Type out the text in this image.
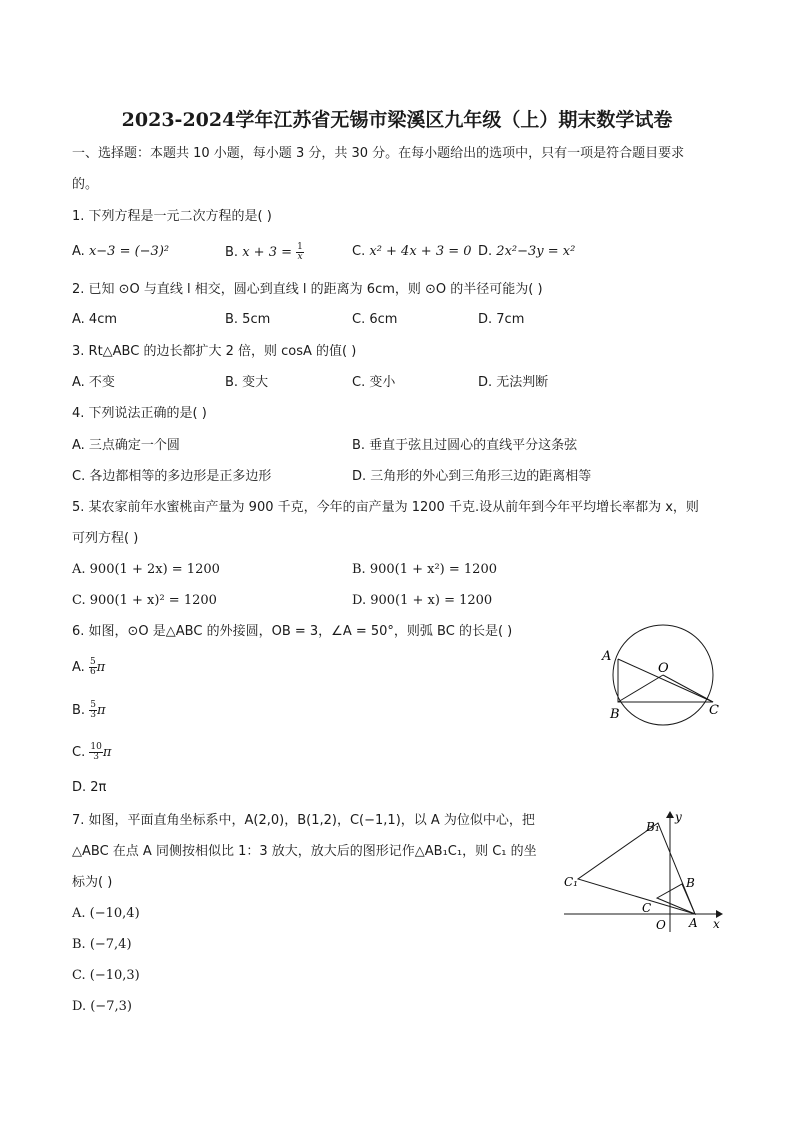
2023-2024学年江苏省无锡市梁溪区九年级（上）期末数学试卷
一、选择题：本题共 10 小题，每小题 3 分，共 30 分。在每小题给出的选项中，只有一项是符合题目要求
的。
1. 下列方程是一元二次方程的是( )
A. x−3 = (−3)²	B. $x + 3 = \frac{1}{x}$	C. x² + 4x + 3 = 0 D. 2x²−3y = x²
2. 已知 ⊙O 与直线 l 相交，圆心到直线 l 的距离为 6cm，则 ⊙O 的半径可能为( )
A. 4cm	B. 5cm	C. 6cm	D. 7cm
3. Rt△ABC 的边长都扩大 2 倍，则 cosA 的值( )
A. 不变	B. 变大	C. 变小	D. 无法判断
4. 下列说法正确的是( )
A. 三点确定一个圆	B. 垂直于弦且过圆心的直线平分这条弦
C. 各边都相等的多边形是正多边形	D. 三角形的外心到三角形三边的距离相等
5. 某农家前年水蜜桃亩产量为 900 千克，今年的亩产量为 1200 千克.设从前年到今年平均增长率都为 x，则
可列方程( )
A. 900(1 + 2x) = 1200	B. 900(1 + x²) = 1200
C. 900(1 + x)² = 1200	D. 900(1 + x) = 1200
6. 如图，⊙O 是△ABC 的外接圆，OB = 3，∠A = 50°，则弧 BC 的长是( )
A. $\frac{5}{6}$ π
B. $\frac{5}{3}$ π
C. $\frac{10}{3}$ π
D. 2π
A
O
B	C
7. 如图，平面直角坐标系中，A(2,0)，B(1,2)，C(−1,1)，以 A 为位似中心，把
△ABC 在点 A 同侧按相似比 1：3 放大，放大后的图形记作△AB₁C₁，则 C₁ 的坐
标为( )
A. (−10,4)
B. (−7,4)
C. (−10,3)
D. (−7,3)
B₁
C₁	B
C
O A x
y
